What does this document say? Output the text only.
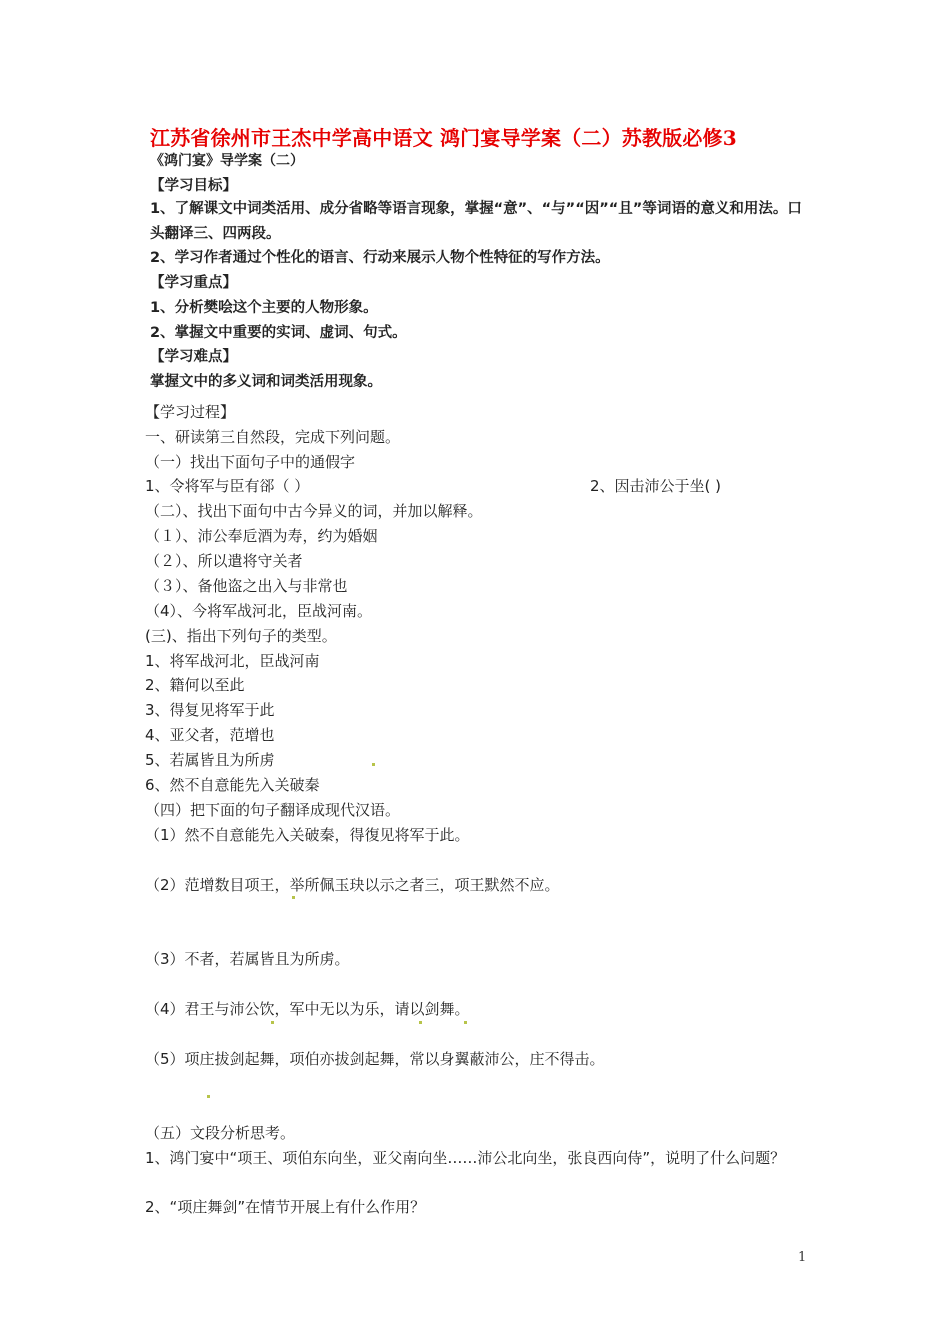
江苏省徐州市王杰中学高中语文 鸿门宴导学案（二）苏教版必修3
《鸿门宴》导学案（二）
【学习目标】
1、了解课文中词类活用、成分省略等语言现象，掌握“意”、“与”“因”“且”等词语的意义和用法。口头翻译三、四两段。
2、学习作者通过个性化的语言、行动来展示人物个性特征的写作方法。
【学习重点】
1、分析樊哙这个主要的人物形象。
2、掌握文中重要的实词、虚词、句式。
【学习难点】
掌握文中的多义词和词类活用现象。
【学习过程】
一、研读第三自然段，完成下列问题。
（一）找出下面句子中的通假字
1、令将军与臣有郤（ ）	2、因击沛公于坐( )
（二）、找出下面句中古今异义的词，并加以解释。
（１）、沛公奉卮酒为寿，约为婚姻
（２）、所以遣将守关者
（３）、备他盗之出入与非常也
（4）、今将军战河北，臣战河南。
(三)、指出下列句子的类型。
1、将军战河北，臣战河南
2、籍何以至此
3、得复见将军于此
4、亚父者，范增也
5、若属皆且为所虏
6、然不自意能先入关破秦
（四）把下面的句子翻译成现代汉语。
（1）然不自意能先入关破秦，得復见将军于此。
（2）范增数目项王，举所佩玉玦以示之者三，项王默然不应。
（3）不者，若属皆且为所虏。
（4）君王与沛公饮，军中无以为乐，请以剑舞。
（5）项庄拔剑起舞，项伯亦拔剑起舞，常以身翼蔽沛公，庄不得击。
（五）文段分析思考。
1、鸿门宴中“项王、项伯东向坐，亚父南向坐……沛公北向坐，张良西向侍”，说明了什么问题？
2、“项庄舞剑”在情节开展上有什么作用？
1
